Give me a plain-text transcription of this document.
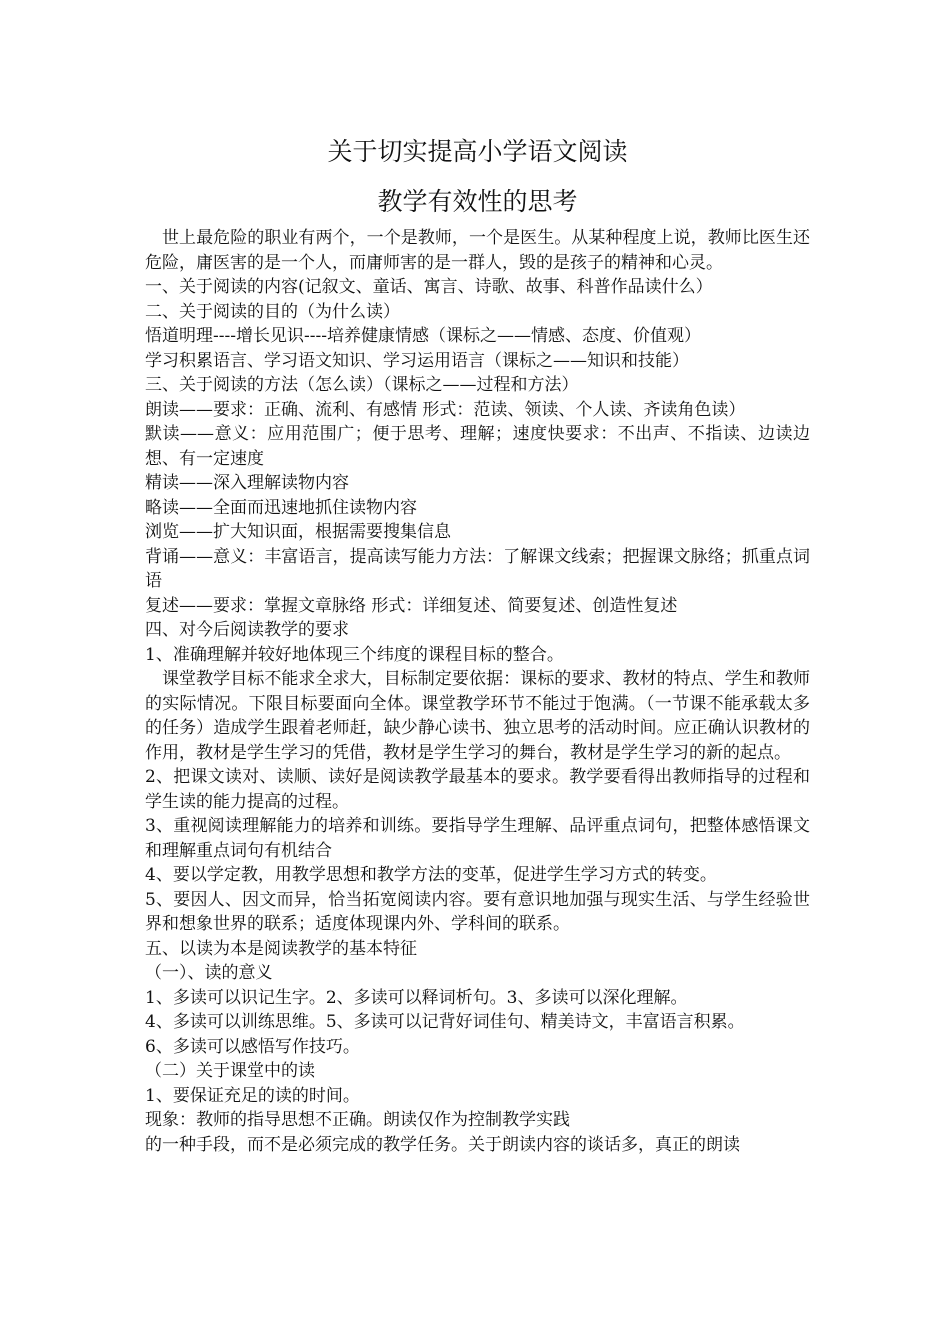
关于切实提高小学语文阅读
教学有效性的思考

世上最危险的职业有两个，一个是教师，一个是医生。从某种程度上说，教师比医生还危险，庸医害的是一个人，而庸师害的是一群人，毁的是孩子的精神和心灵。

一、关于阅读的内容(记叙文、童话、寓言、诗歌、故事、科普作品读什么）

二、关于阅读的目的（为什么读）

悟道明理----增长见识----培养健康情感（课标之——情感、态度、价值观）

学习积累语言、学习语文知识、学习运用语言（课标之——知识和技能）

三、关于阅读的方法（怎么读）（课标之——过程和方法）

朗读——要求：正确、流利、有感情 形式：范读、领读、个人读、齐读角色读）

默读——意义：应用范围广；便于思考、理解；速度快要求：不出声、不指读、边读边想、有一定速度

精读——深入理解读物内容

略读——全面而迅速地抓住读物内容

浏览——扩大知识面，根据需要搜集信息

背诵——意义：丰富语言，提高读写能力方法：了解课文线索；把握课文脉络；抓重点词语

复述——要求：掌握文章脉络 形式：详细复述、简要复述、创造性复述

四、对今后阅读教学的要求

1、准确理解并较好地体现三个纬度的课程目标的整合。

课堂教学目标不能求全求大，目标制定要依据：课标的要求、教材的特点、学生和教师的实际情况。下限目标要面向全体。课堂教学环节不能过于饱满。（一节课不能承载太多的任务）造成学生跟着老师赶，缺少静心读书、独立思考的活动时间。应正确认识教材的作用，教材是学生学习的凭借，教材是学生学习的舞台，教材是学生学习的新的起点。

2、把课文读对、读顺、读好是阅读教学最基本的要求。教学要看得出教师指导的过程和学生读的能力提高的过程。

3、重视阅读理解能力的培养和训练。要指导学生理解、品评重点词句，把整体感悟课文和理解重点词句有机结合

4、要以学定教，用教学思想和教学方法的变革，促进学生学习方式的转变。

5、要因人、因文而异，恰当拓宽阅读内容。要有意识地加强与现实生活、与学生经验世界和想象世界的联系；适度体现课内外、学科间的联系。

五、以读为本是阅读教学的基本特征

（一）、读的意义

1、多读可以识记生字。2、多读可以释词析句。3、多读可以深化理解。

4、多读可以训练思维。5、多读可以记背好词佳句、精美诗文，丰富语言积累。

6、多读可以感悟写作技巧。

（二）关于课堂中的读

1、要保证充足的读的时间。

现象：教师的指导思想不正确。朗读仅作为控制教学实践

的一种手段，而不是必须完成的教学任务。关于朗读内容的谈话多，真正的朗读
